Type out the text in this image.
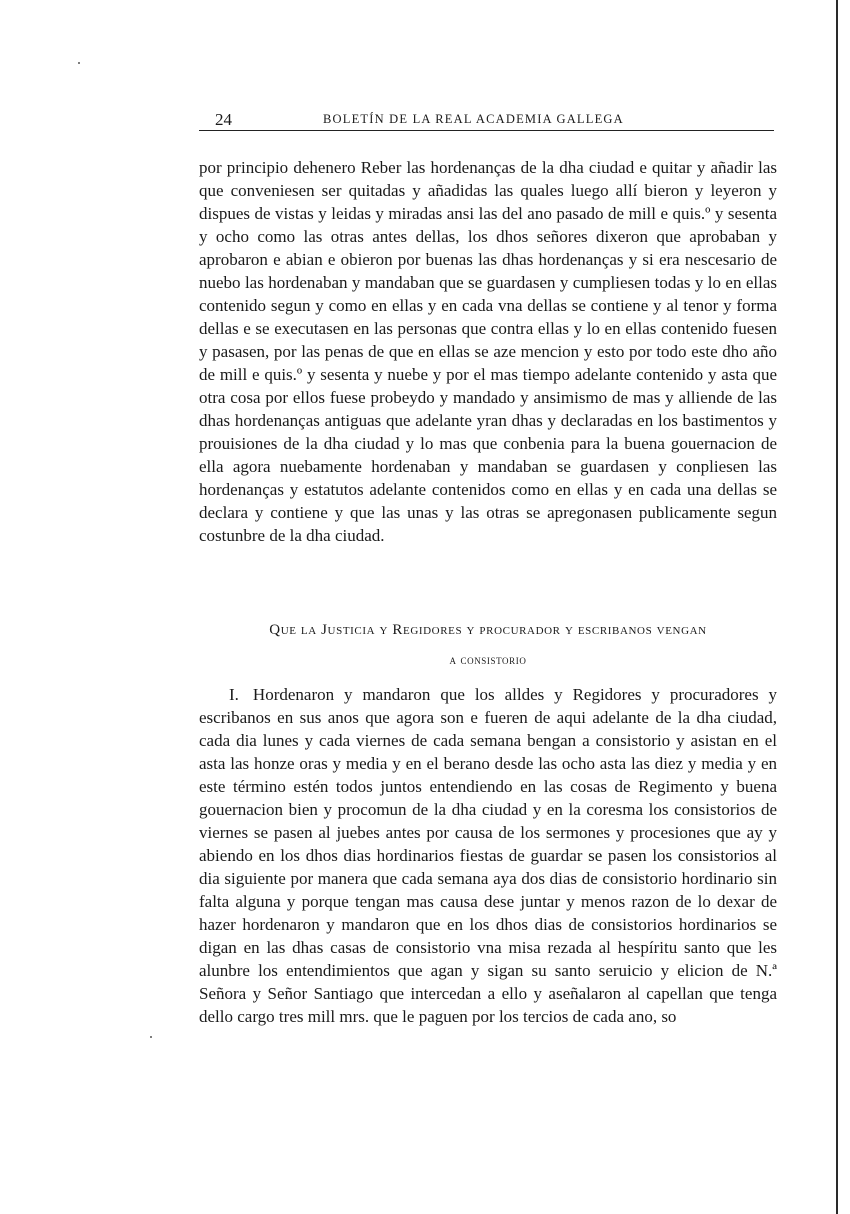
24	BOLETÍN DE LA REAL ACADEMIA GALLEGA

por principio dehenero Reber las hordenanças de la dha ciudad e quitar y añadir las que conveniesen ser quitadas y añadidas las quales luego allí bieron y leyeron y dispues de vistas y leidas y miradas ansi las del ano pasado de mill e quis.º y sesenta y ocho como las otras antes dellas, los dhos señores dixeron que aprobaban y aprobaron e abian e obieron por buenas las dhas hordenanças y si era nescesario de nuebo las hordenaban y mandaban que se guardasen y cumpliesen todas y lo en ellas contenido segun y como en ellas y en cada vna dellas se contiene y al tenor y forma dellas e se executasen en las personas que contra ellas y lo en ellas contenido fuesen y pasasen, por las penas de que en ellas se aze mencion y esto por todo este dho año de mill e quis.º y sesenta y nuebe y por el mas tiempo adelante contenido y asta que otra cosa por ellos fuese probeydo y mandado y ansimismo de mas y alliende de las dhas hordenanças antiguas que adelante yran dhas y declaradas en los bastimentos y prouisiones de la dha ciudad y lo mas que conbenia para la buena gouernacion de ella agora nuebamente hordenaban y mandaban se guardasen y conpliesen las hordenanças y estatutos adelante contenidos como en ellas y en cada una dellas se declara y contiene y que las unas y las otras se apregonasen publicamente segun costunbre de la dha ciudad.

Que la Justicia y Regidores y procurador y escribanos vengan
a consistorio

I. Hordenaron y mandaron que los alldes y Regidores y procuradores y escribanos en sus anos que agora son e fueren de aqui adelante de la dha ciudad, cada dia lunes y cada viernes de cada semana bengan a consistorio y asistan en el asta las honze oras y media y en el berano desde las ocho asta las diez y media y en este término estén todos juntos entendiendo en las cosas de Regimento y buena gouernacion bien y procomun de la dha ciudad y en la coresma los consistorios de viernes se pasen al juebes antes por causa de los sermones y procesiones que ay y abiendo en los dhos dias hordinarios fiestas de guardar se pasen los consistorios al dia siguiente por manera que cada semana aya dos dias de consistorio hordinario sin falta alguna y porque tengan mas causa dese juntar y menos razon de lo dexar de hazer hordenaron y mandaron que en los dhos dias de consistorios hordinarios se digan en las dhas casas de consistorio vna misa rezada al hespíritu santo que les alunbre los entendimientos que agan y sigan su santo seruicio y elicion de N.ª Señora y Señor Santiago que intercedan a ello y aseñalaron al capellan que tenga dello cargo tres mill mrs. que le paguen por los tercios de cada ano, so
